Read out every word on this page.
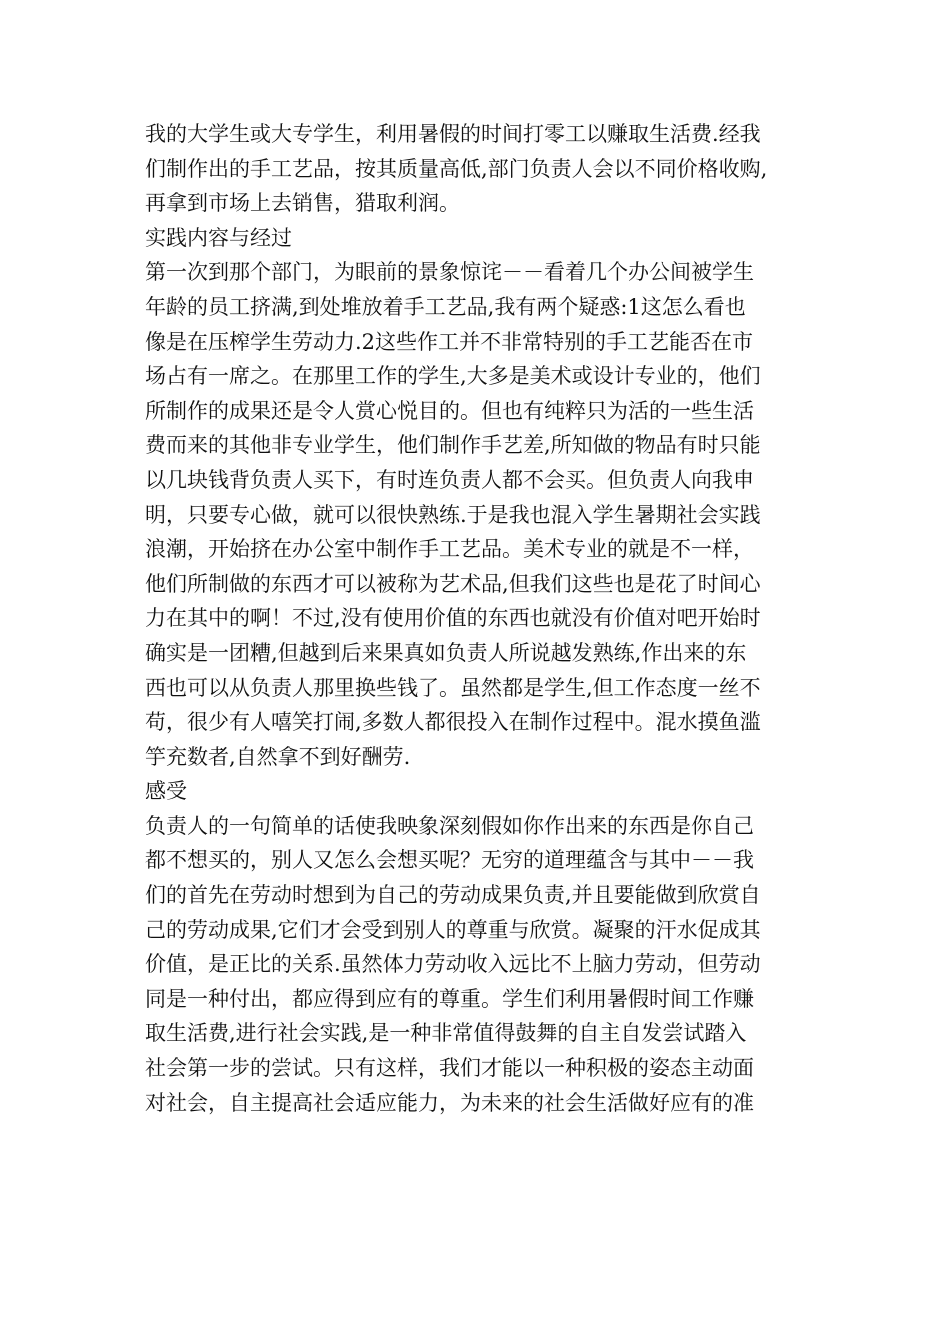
我的大学生或大专学生，利用暑假的时间打零工以赚取生活费.经我
们制作出的手工艺品，按其质量高低,部门负责人会以不同价格收购,
再拿到市场上去销售，猎取利润。
实践内容与经过
第一次到那个部门，为眼前的景象惊诧－－看着几个办公间被学生
年龄的员工挤满,到处堆放着手工艺品,我有两个疑惑:1这怎么看也
像是在压榨学生劳动力.2这些作工并不非常特别的手工艺能否在市
场占有一席之。在那里工作的学生,大多是美术或设计专业的，他们
所制作的成果还是令人赏心悦目的。但也有纯粹只为活的一些生活
费而来的其他非专业学生，他们制作手艺差,所知做的物品有时只能
以几块钱背负责人买下，有时连负责人都不会买。但负责人向我申
明，只要专心做，就可以很快熟练.于是我也混入学生暑期社会实践
浪潮，开始挤在办公室中制作手工艺品。美术专业的就是不一样，
他们所制做的东西才可以被称为艺术品,但我们这些也是花了时间心
力在其中的啊！不过,没有使用价值的东西也就没有价值对吧开始时
确实是一团糟,但越到后来果真如负责人所说越发熟练,作出来的东
西也可以从负责人那里换些钱了。虽然都是学生,但工作态度一丝不
苟，很少有人嘻笑打闹,多数人都很投入在制作过程中。混水摸鱼滥
竽充数者,自然拿不到好酬劳.
感受
负责人的一句简单的话使我映象深刻假如你作出来的东西是你自己
都不想买的，别人又怎么会想买呢？无穷的道理蕴含与其中－－我
们的首先在劳动时想到为自己的劳动成果负责,并且要能做到欣赏自
己的劳动成果,它们才会受到别人的尊重与欣赏。凝聚的汗水促成其
价值，是正比的关系.虽然体力劳动收入远比不上脑力劳动，但劳动
同是一种付出，都应得到应有的尊重。学生们利用暑假时间工作赚
取生活费,进行社会实践,是一种非常值得鼓舞的自主自发尝试踏入
社会第一步的尝试。只有这样，我们才能以一种积极的姿态主动面
对社会，自主提高社会适应能力，为未来的社会生活做好应有的准
